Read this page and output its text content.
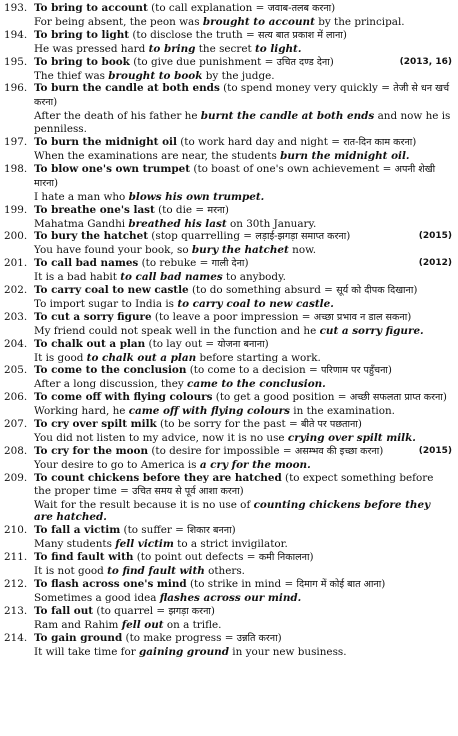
193. To bring to account (to call explanation = जवाब-तलब करना)

For being absent, the peon was brought to account by the principal.

194. To bring to light (to disclose the truth = सत्य बात प्रकाश में लाना)

He was pressed hard to bring the secret to light.

195.	(2013, 16)
To bring to book (to give due punishment = उचित दण्ड देना)

The thief was brought to book by the judge.

196. To burn the candle at both ends (to spend money very quickly = तेजी से धन खर्च करना)

After the death of his father he burnt the candle at both ends and now he is penniless.

197. To burn the midnight oil (to work hard day and night = रात-दिन काम करना)

When the examinations are near, the students burn the midnight oil.

198. To blow one's own trumpet (to boast of one's own achievement = अपनी शेखी मारना)

I hate a man who blows his own trumpet.

199. To breathe one's last (to die = मरना)

Mahatma Gandhi breathed his last on 30th January.

200.	(2015)
To bury the hatchet (stop quarrelling = लड़ाई-झगड़ा समाप्त करना)

You have found your book, so bury the hatchet now.

201.	(2012)
To call bad names (to rebuke = गाली देना)

It is a bad habit to call bad names to anybody.

202. To carry coal to new castle (to do something absurd = सूर्य को दीपक दिखाना)

To import sugar to India is to carry coal to new castle.

203. To cut a sorry figure (to leave a poor impression = अच्छा प्रभाव न डाल सकना)

My friend could not speak well in the function and he cut a sorry figure.

204. To chalk out a plan (to lay out = योजना बनाना)

It is good to chalk out a plan before starting a work.

205. To come to the conclusion (to come to a decision = परिणाम पर पहुँचना)

After a long discussion, they came to the conclusion.

206. To come off with flying colours (to get a good position = अच्छी सफलता प्राप्त करना)

Working hard, he came off with flying colours in the examination.

207. To cry over spilt milk (to be sorry for the past = बीते पर पछताना)

You did not listen to my advice, now it is no use crying over spilt milk.

208.	(2015)
To cry for the moon (to desire for impossible = असम्भव की इच्छा करना)

Your desire to go to America is a cry for the moon.

209. To count chickens before they are hatched (to expect something before the proper time = उचित समय से पूर्व आशा करना)

Wait for the result because it is no use of counting chickens before they are hatched.

210. To fall a victim (to suffer = शिकार बनना)

Many students fell victim to a strict invigilator.

211. To find fault with (to point out defects = कमी निकालना)

It is not good to find fault with others.

212. To flash across one's mind (to strike in mind = दिमाग में कोई बात आना)

Sometimes a good idea flashes across our mind.

213. To fall out (to quarrel = झगड़ा करना)

Ram and Rahim fell out on a trifle.

214. To gain ground (to make progress = उन्नति करना)

It will take time for gaining ground in your new business.
